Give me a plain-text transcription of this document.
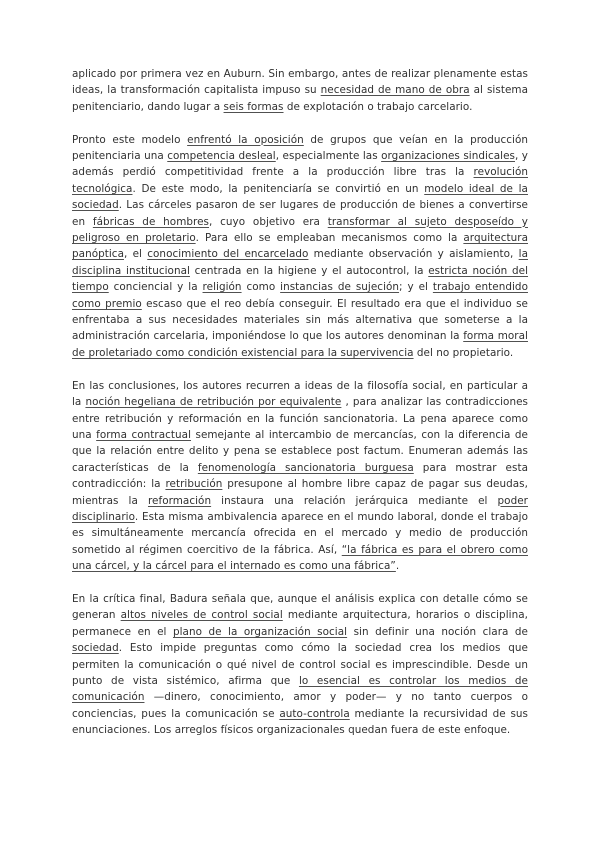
aplicado por primera vez en Auburn. Sin embargo, antes de realizar plenamente estas ideas, la transformación capitalista impuso su necesidad de mano de obra al sistema penitenciario, dando lugar a seis formas de explotación o trabajo carcelario.

Pronto este modelo enfrentó la oposición de grupos que veían en la producción penitenciaria una competencia desleal, especialmente las organizaciones sindicales, y además perdió competitividad frente a la producción libre tras la revolución tecnológica. De este modo, la penitenciaría se convirtió en un modelo ideal de la sociedad. Las cárceles pasaron de ser lugares de producción de bienes a convertirse en fábricas de hombres, cuyo objetivo era transformar al sujeto desposeído y peligroso en proletario. Para ello se empleaban mecanismos como la arquitectura panóptica, el conocimiento del encarcelado mediante observación y aislamiento, la disciplina institucional centrada en la higiene y el autocontrol, la estricta noción del tiempo conciencial y la religión como instancias de sujeción; y el trabajo entendido como premio escaso que el reo debía conseguir. El resultado era que el individuo se enfrentaba a sus necesidades materiales sin más alternativa que someterse a la administración carcelaria, imponiéndose lo que los autores denominan la forma moral de proletariado como condición existencial para la supervivencia del no propietario.

En las conclusiones, los autores recurren a ideas de la filosofía social, en particular a la noción hegeliana de retribución por equivalente , para analizar las contradicciones entre retribución y reformación en la función sancionatoria. La pena aparece como una forma contractual semejante al intercambio de mercancías, con la diferencia de que la relación entre delito y pena se establece post factum. Enumeran además las características de la fenomenología sancionatoria burguesa para mostrar esta contradicción: la retribución presupone al hombre libre capaz de pagar sus deudas, mientras la reformación instaura una relación jerárquica mediante el poder disciplinario. Esta misma ambivalencia aparece en el mundo laboral, donde el trabajo es simultáneamente mercancía ofrecida en el mercado y medio de producción sometido al régimen coercitivo de la fábrica. Así, “la fábrica es para el obrero como una cárcel, y la cárcel para el internado es como una fábrica”.

En la crítica final, Badura señala que, aunque el análisis explica con detalle cómo se generan altos niveles de control social mediante arquitectura, horarios o disciplina, permanece en el plano de la organización social sin definir una noción clara de sociedad. Esto impide preguntas como cómo la sociedad crea los medios que permiten la comunicación o qué nivel de control social es imprescindible. Desde un punto de vista sistémico, afirma que lo esencial es controlar los medios de comunicación —dinero, conocimiento, amor y poder— y no tanto cuerpos o conciencias, pues la comunicación se auto-controla mediante la recursividad de sus enunciaciones. Los arreglos físicos organizacionales quedan fuera de este enfoque.
